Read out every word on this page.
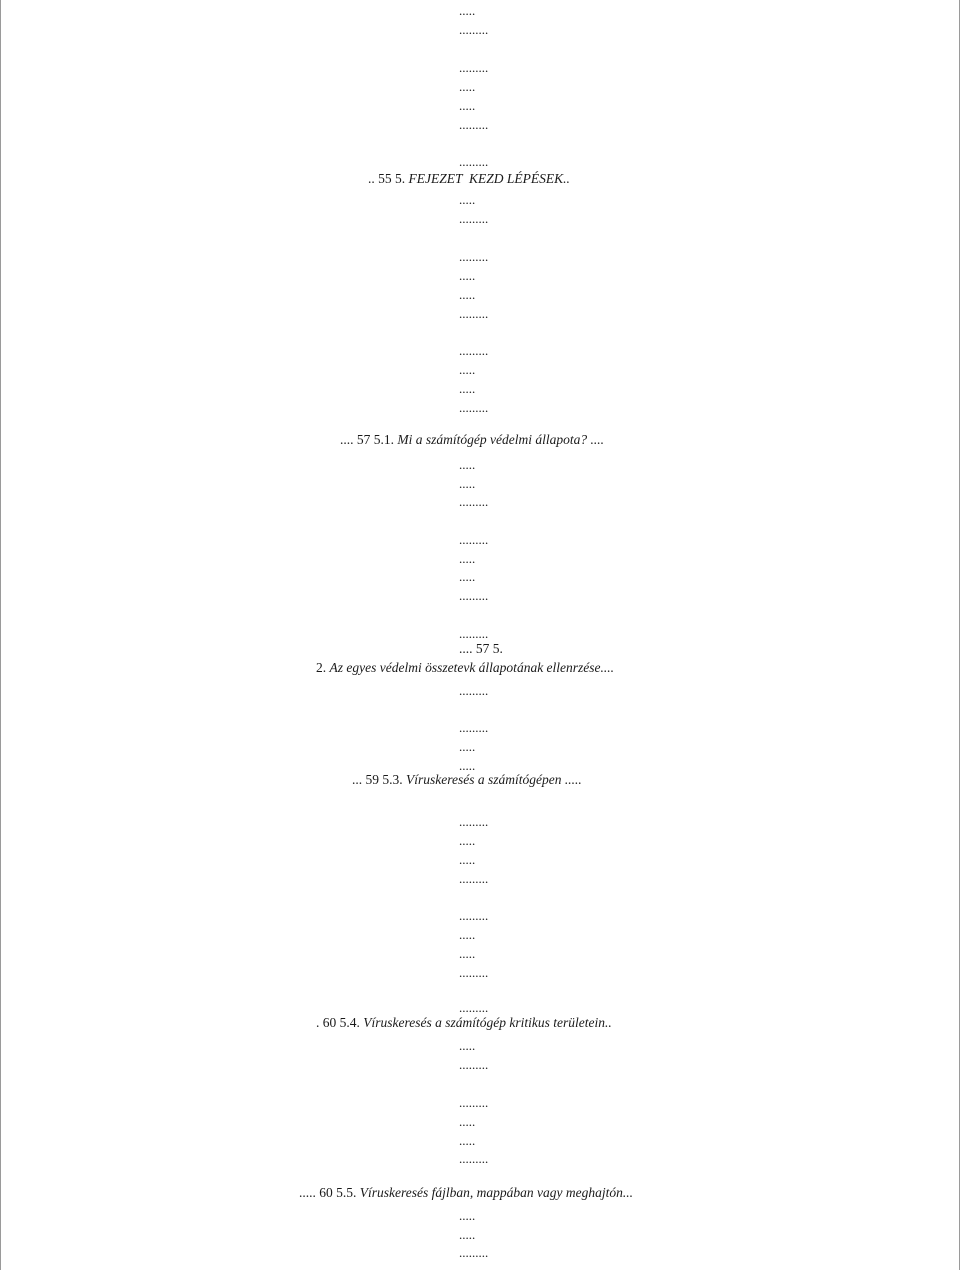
.....
.........
.........
.....
.....
.........
.........
.. 55 5. FEJEZET  KEZD LÉPÉSEK..
.....
.........
.........
.....
.....
.........
.........
.....
.....
.........
.... 57 5.1. Mi a számítógép védelmi állapota? ....
.....
.....
.........
.........
.....
.....
.........
.........
.... 57 5.
2. Az egyes védelmi összetevk állapotának ellenrzése....
.........
.........
.....
.....
... 59 5.3. Víruskeresés a számítógépen .....
.........
.....
.....
.........
.........
.....
.....
.........
.........
. 60 5.4. Víruskeresés a számítógép kritikus területein..
.....
.........
.........
.....
.....
.........
..... 60 5.5. Víruskeresés fájlban, mappában vagy meghajtón...
.....
.....
.........
